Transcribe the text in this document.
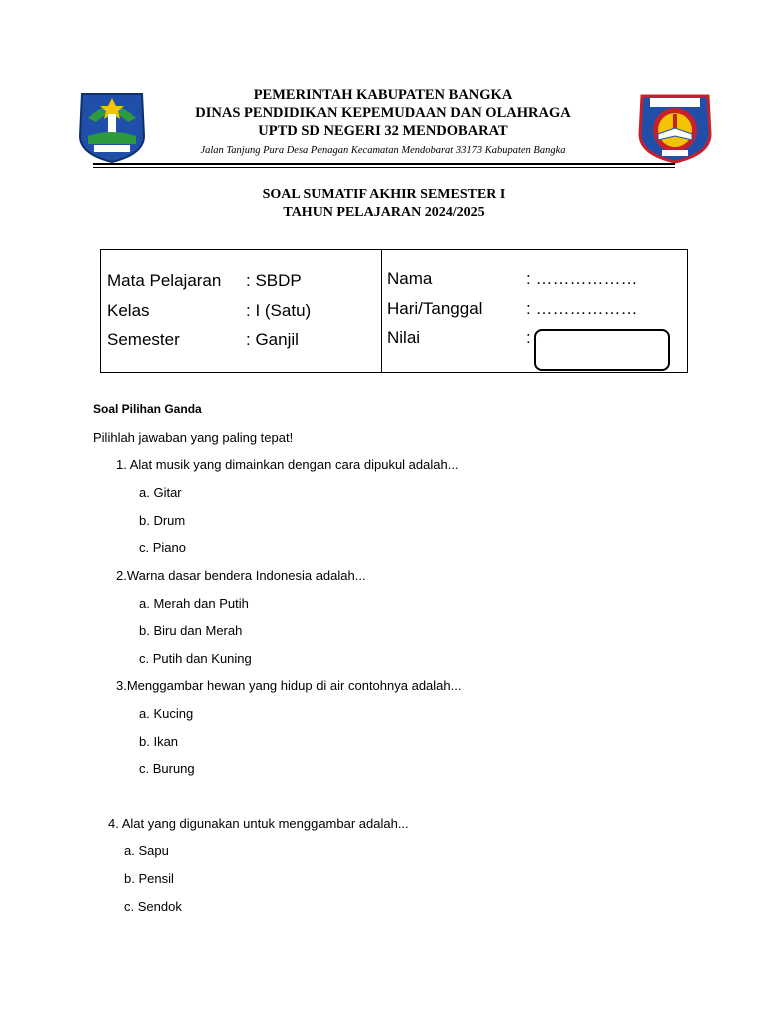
PEMERINTAH KABUPATEN BANGKA
DINAS PENDIDIKAN KEPEMUDAAN DAN OLAHRAGA
UPTD SD NEGERI 32 MENDOBARAT
Jalan Tanjung Pura Desa Penagan Kecamatan Mendobarat 33173 Kabupaten Bangka
SOAL SUMATIF AKHIR SEMESTER I
TAHUN PELAJARAN 2024/2025
Mata Pelajaran : SBDP
Kelas	: I (Satu)
Semester	: Ganjil
Nama	: ………………
Hari/Tanggal	: ………………
Nilai	:
Soal Pilihan Ganda
Pilihlah jawaban yang paling tepat!
1. Alat musik yang dimainkan dengan cara dipukul adalah...
a. Gitar
b. Drum
c. Piano
2.Warna dasar bendera Indonesia adalah...
a. Merah dan Putih
b. Biru dan Merah
c. Putih dan Kuning
3.Menggambar hewan yang hidup di air contohnya adalah...
a. Kucing
b. Ikan
c. Burung
4. Alat yang digunakan untuk menggambar adalah...
a. Sapu
b. Pensil
c. Sendok
